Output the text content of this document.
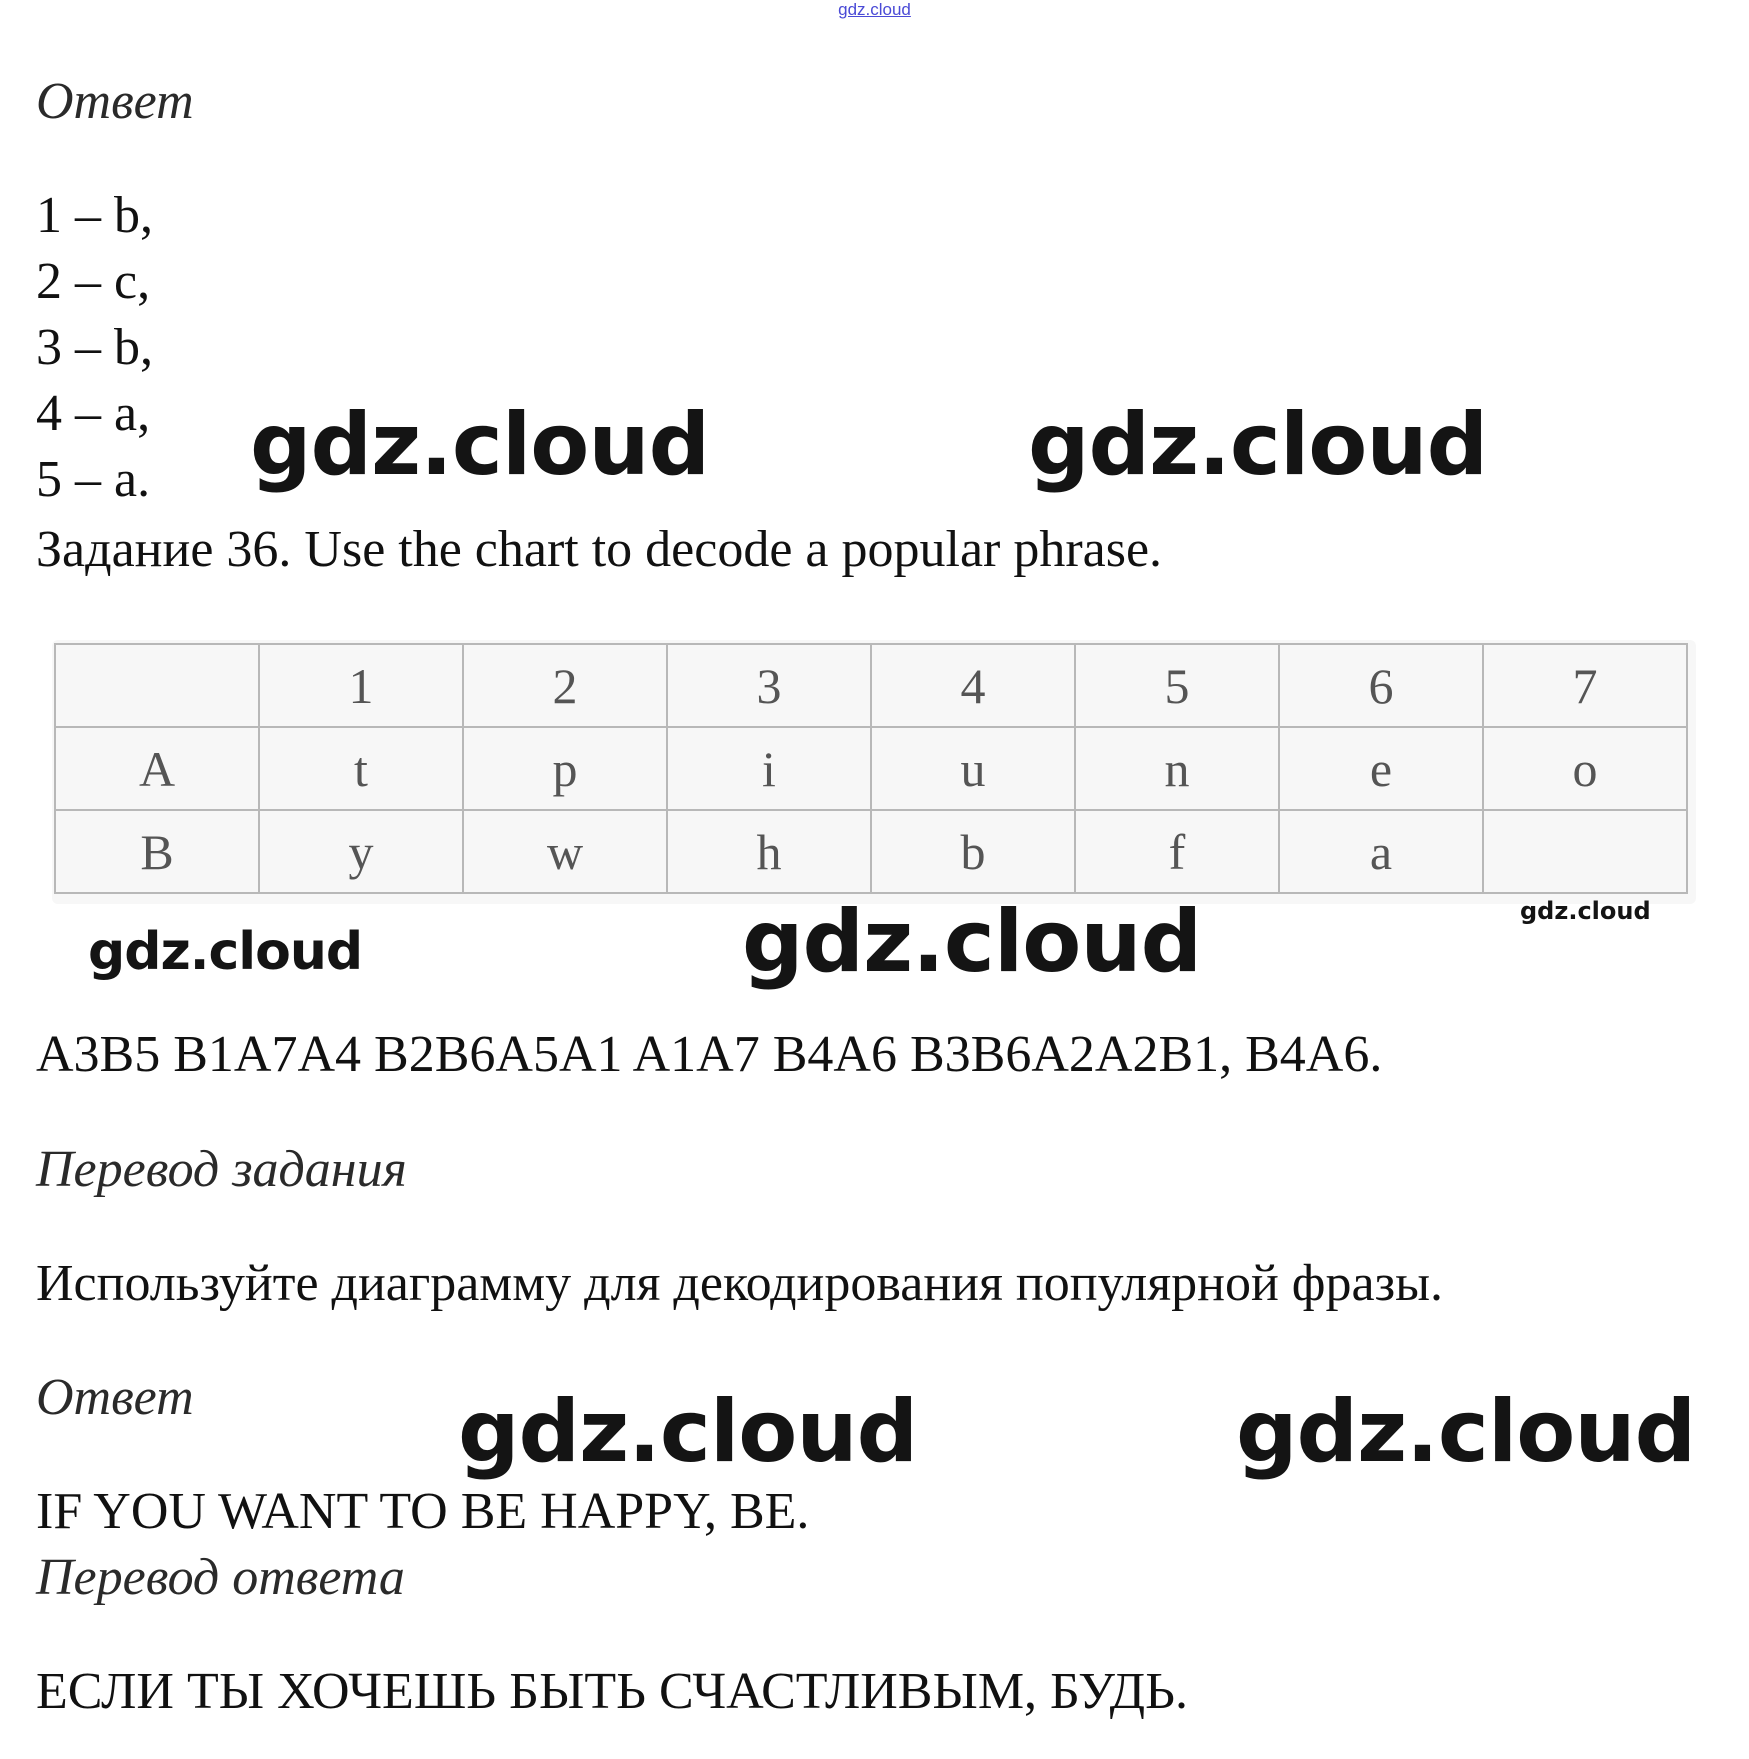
gdz.cloud
Ответ
1 – b,
2 – c,
3 – b,
4 – a,
5 – a.
Задание 36. Use the chart to decode a popular phrase.
	1	2	3	4	5	6	7
A	t	p	i	u	n	e	o
B	y	w	h	b	f	a	
A3B5 B1A7A4 B2B6A5A1 A1A7 B4A6 B3B6A2A2B1, B4A6.
Перевод задания
Используйте диаграмму для декодирования популярной фразы.
Ответ
IF YOU WANT TO BE HAPPY, BE.
Перевод ответа
ЕСЛИ ТЫ ХОЧЕШЬ БЫТЬ СЧАСТЛИВЫМ, БУДЬ.
gdz.cloud	gdz.cloud
gdz.cloud	gdz.cloud	gdz.cloud
gdz.cloud	gdz.cloud
